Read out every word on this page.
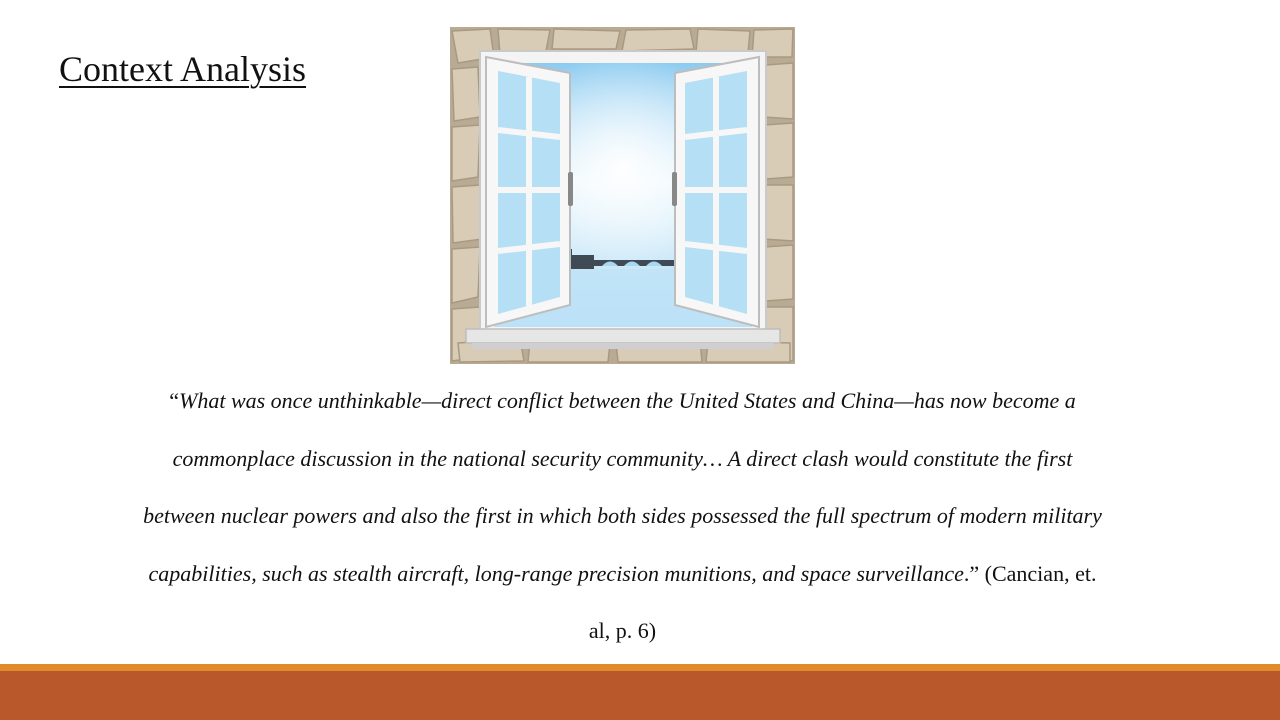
Context Analysis
“What was once unthinkable—direct conflict between the United States and China—has now become a commonplace discussion in the national security community… A direct clash would constitute the first between nuclear powers and also the first in which both sides possessed the full spectrum of modern military capabilities, such as stealth aircraft, long-range precision munitions, and space surveillance.” (Cancian, et. al, p. 6)
